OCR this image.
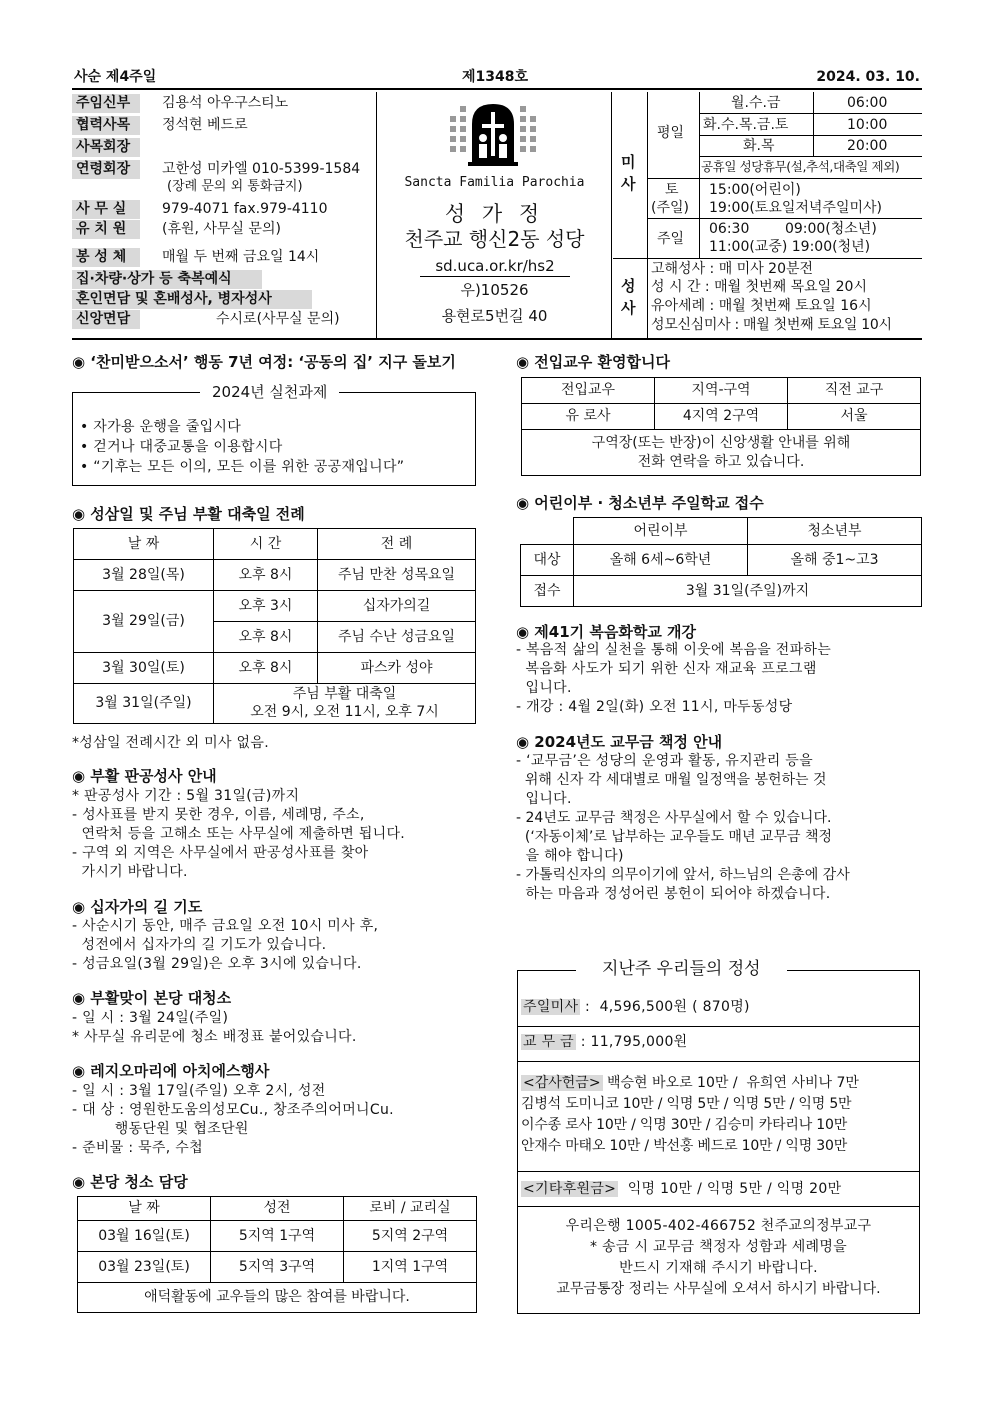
사순 제4주일	제1348호	2024. 03. 10.
주임신부 김용석 아우구스티노
협력사목 정석현 베드로
사목회장
연령회장 고한성 미카엘 010-5399-1584
(장례 문의 외 통화금지)
사 무 실	979-4071 fax.979-4110
유 치 원	(휴원, 사무실 문의)
봉 성 체	매월 두 번째 금요일 14시
집·차량·상가 등 축복예식
혼인면담 및 혼배성사, 병자성사
신앙면담	수시로(사무실 문의)
Sancta Familia Parochia
성 가 정
천주교 행신2동 성당
sd.uca.or.kr/hs2
우)10526
용현로5번길 40
미
사
성
사
평일
월.수.금	06:00
화.수.목.금.토	10:00
화.목	20:00
공휴일 성당휴무(설,추석,대축일 제외)
토
(주일)
15:00(어린이)
19:00(토요일저녁주일미사)
주일
06:30        09:00(청소년)
11:00(교중) 19:00(청년)
고해성사 : 매 미사 20분전
성 시 간 : 매월 첫번째 목요일 20시
유아세례 : 매월 첫번째 토요일 16시
성모신심미사 : 매월 첫번째 토요일 10시
◉ ‘찬미받으소서’ 행동 7년 여정: ‘공동의 집’ 지구 돌보기
2024년 실천과제
• 자가용 운행을 줄입시다
• 걷거나 대중교통을 이용합시다
• “기후는 모든 이의, 모든 이를 위한 공공재입니다”
◉ 성삼일 및 주님 부활 대축일 전례
날 짜	시 간	전 례
3월 28일(목)	오후 8시	주님 만찬 성목요일
3월 29일(금)	오후 3시	십자가의길
	오후 8시	주님 수난 성금요일
3월 30일(토)	오후 8시	파스카 성야
3월 31일(주일)	주님 부활 대축일
오전 9시, 오전 11시, 오후 7시	
*성삼일 전례시간 외 미사 없음.
◉ 부활 판공성사 안내
* 판공성사 기간 : 5월 31일(금)까지
- 성사표를 받지 못한 경우, 이름, 세례명, 주소,
연락처 등을 고해소 또는 사무실에 제출하면 됩니다.
- 구역 외 지역은 사무실에서 판공성사표를 찾아
가시기 바랍니다.
◉ 십자가의 길 기도
- 사순시기 동안, 매주 금요일 오전 10시 미사 후,
성전에서 십자가의 길 기도가 있습니다.
- 성금요일(3월 29일)은 오후 3시에 있습니다.
◉ 부활맞이 본당 대청소
- 일 시 : 3월 24일(주일)
* 사무실 유리문에 청소 배정표 붙어있습니다.
◉ 레지오마리에 아치에스행사
- 일 시 : 3월 17일(주일) 오후 2시, 성전
- 대 상 : 영원한도움의성모Cu., 창조주의어머니Cu.
행동단원 및 협조단원
- 준비물 : 묵주, 수첩
◉ 본당 청소 담당
날 짜	성전	로비 / 교리실
03월 16일(토)	5지역 1구역	5지역 2구역
03월 23일(토)	5지역 3구역	1지역 1구역
애덕활동에 교우들의 많은 참여를 바랍니다.		
◉ 전입교우 환영합니다
전입교우	지역-구역	직전 교구
유 로사	4지역 2구역	서울

구역장(또는 반장)이 신앙생활 안내를 위해
전화 연락을 하고 있습니다.		
◉ 어린이부 · 청소년부 주일학교 접수
	어린이부	청소년부
대상	올해 6세~6학년	올해 중1~고3
접수	3월 31일(주일)까지	
◉ 제41기 복음화학교 개강
- 복음적 삶의 실천을 통해 이웃에 복음을 전파하는
복음화 사도가 되기 위한 신자 재교육 프로그램
입니다.
- 개강 : 4월 2일(화) 오전 11시, 마두동성당
◉ 2024년도 교무금 책정 안내
- ‘교무금’은 성당의 운영과 활동, 유지관리 등을
위해 신자 각 세대별로 매월 일정액을 봉헌하는 것
입니다.
- 24년도 교무금 책정은 사무실에서 할 수 있습니다.
(‘자동이체’로 납부하는 교우들도 매년 교무금 책정
을 해야 합니다)
- 가톨릭신자의 의무이기에 앞서, 하느님의 은총에 감사
하는 마음과 정성어린 봉헌이 되어야 하겠습니다.
지난주 우리들의 정성
주일미사 :  4,596,500원 ( 870명)
교 무 금 : 11,795,000원
<감사헌금> 백승현 바오로 10만 /  유희연 사비나 7만
김병석 도미니코 10만 / 익명 5만 / 익명 5만 / 익명 5만
이수종 로사 10만 / 익명 30만 / 김승미 카타리나 10만
안재수 마태오 10만 / 박선홍 베드로 10만 / 익명 30만
<기타후원금>  익명 10만 / 익명 5만 / 익명 20만
우리은행 1005-402-466752 천주교의정부교구
* 송금 시 교무금 책정자 성함과 세례명을
반드시 기재해 주시기 바랍니다.
교무금통장 정리는 사무실에 오셔서 하시기 바랍니다.
